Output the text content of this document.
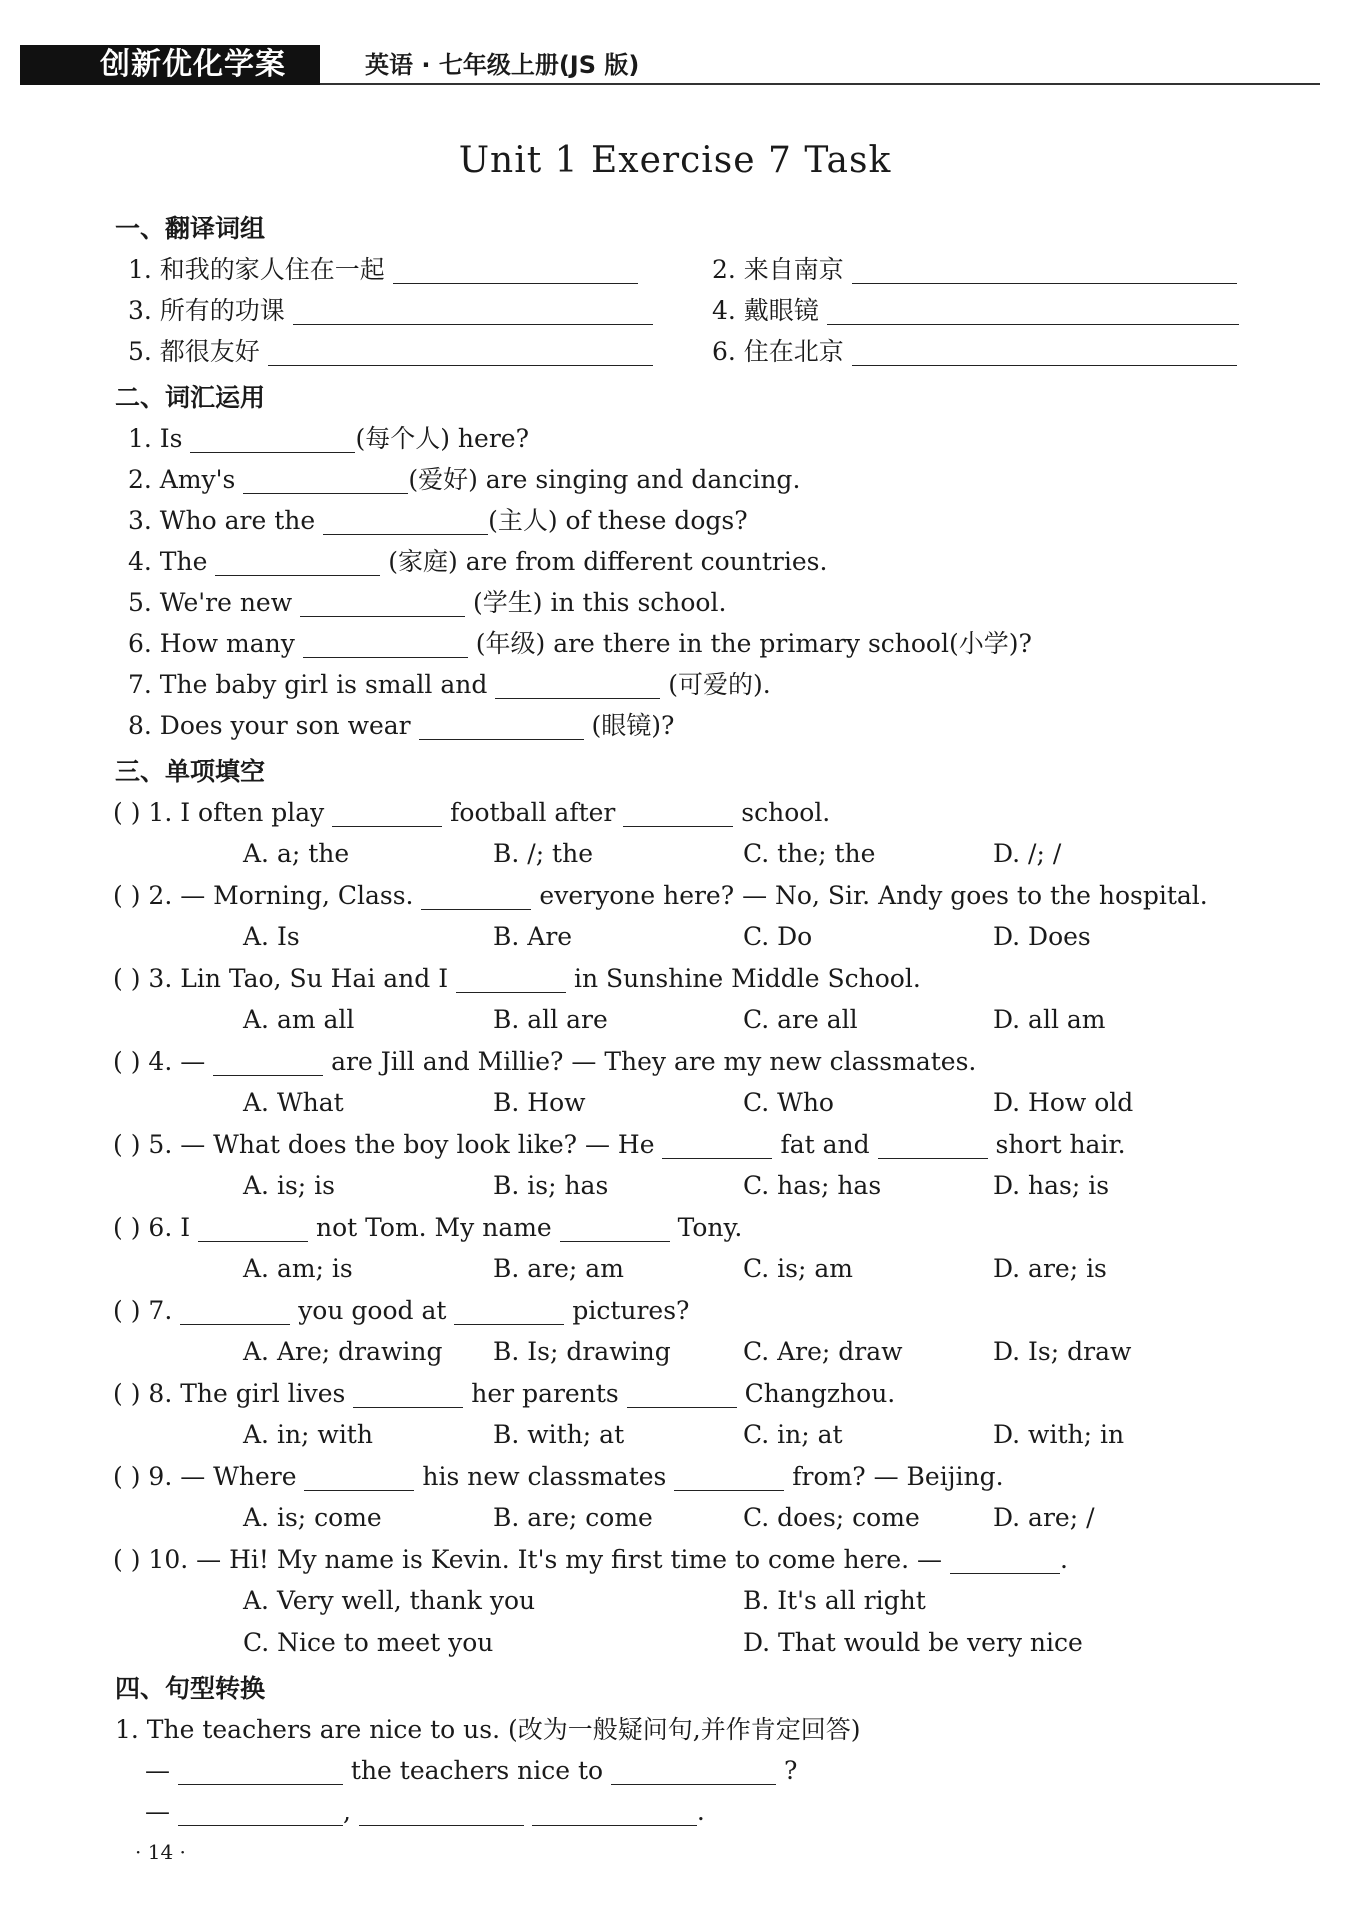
创新优化学案	英语 · 七年级上册(JS 版)
Unit 1 Exercise 7 Task
一、翻译词组
1. 和我的家人住在一起	2. 来自南京
3. 所有的功课	4. 戴眼镜
5. 都很友好	6. 住在北京
二、词汇运用
1. Is	(每个人) here?
2. Amy's	(爱好) are singing and dancing.
3. Who are the	(主人) of these dogs?
4. The	(家庭) are from different countries.
5. We're new	(学生) in this school.
6. How many	(年级) are there in the primary school(小学)?
7. The baby girl is small and	(可爱的).
8. Does your son wear	(眼镜)?
三、单项填空
( ) 1. I often play	football after	school.
A. a; the	B. /; the	C. the; the	D. /; /
( ) 2. — Morning, Class.	everyone here? — No, Sir. Andy goes to the hospital.
A. Is	B. Are	C. Do	D. Does
( ) 3. Lin Tao, Su Hai and I	in Sunshine Middle School.
A. am all	B. all are	C. are all	D. all am
( ) 4. —	are Jill and Millie? — They are my new classmates.
A. What	B. How	C. Who	D. How old
( ) 5. — What does the boy look like? — He	fat and	short hair.
A. is; is	B. is; has	C. has; has	D. has; is
( ) 6. I	not Tom. My name	Tony.
A. am; is	B. are; am	C. is; am	D. are; is
( ) 7.	you good at	pictures?
A. Are; drawing B. Is; drawing	C. Are; draw	D. Is; draw
( ) 8. The girl lives	her parents	Changzhou.
A. in; with	B. with; at	C. in; at	D. with; in
( ) 9. — Where	his new classmates	from? — Beijing.
A. is; come	B. are; come	C. does; come	D. are; /
( ) 10. — Hi! My name is Kevin. It's my first time to come here. —	.
A. Very well, thank you	B. It's all right
C. Nice to meet you	D. That would be very nice
四、句型转换
1. The teachers are nice to us. (改为一般疑问句,并作肯定回答)
—	the teachers nice to	?
—	,	.
· 14 ·
